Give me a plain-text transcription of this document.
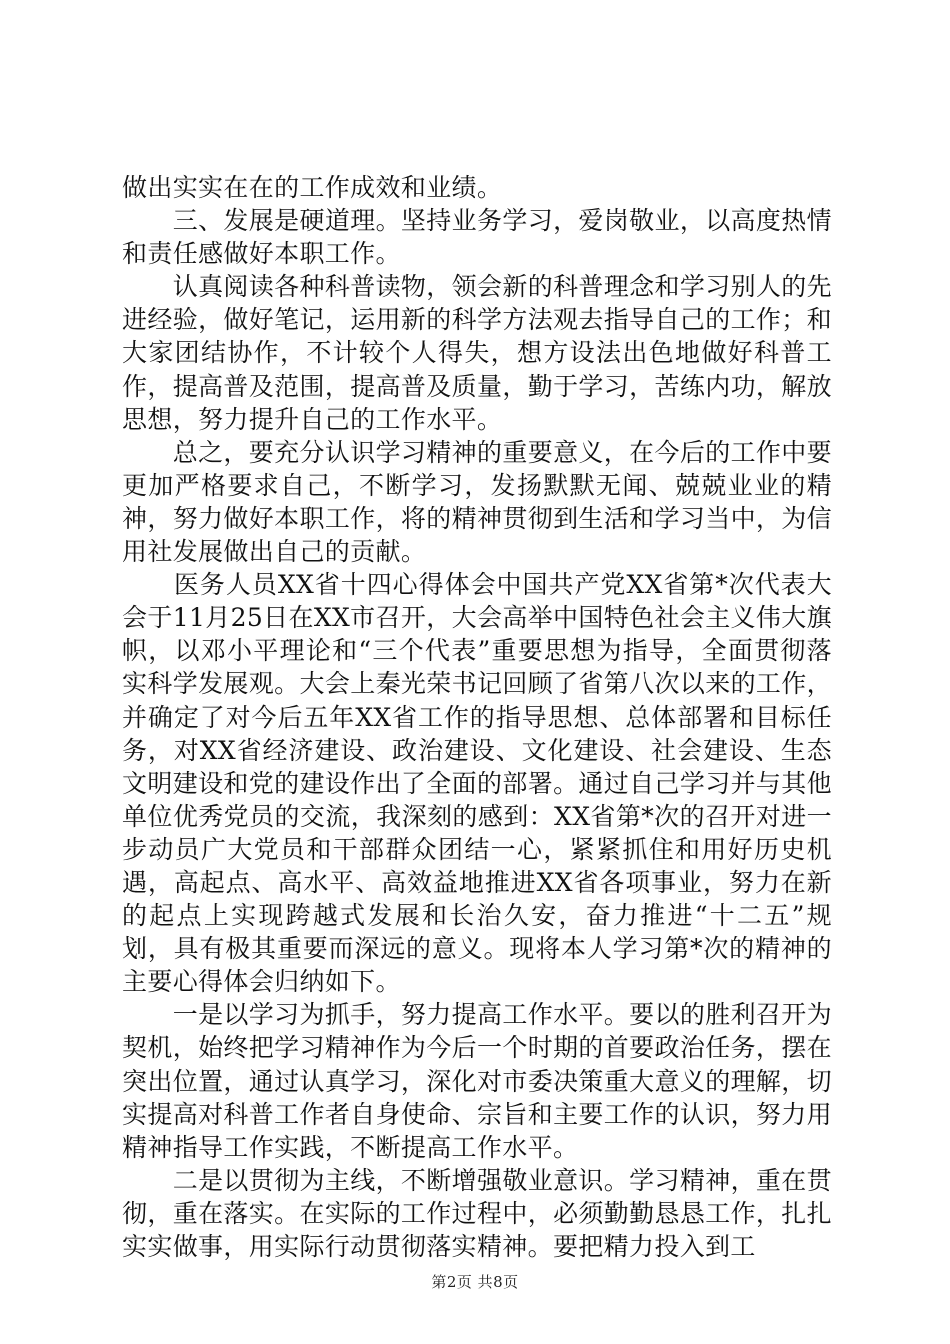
做出实实在在的工作成效和业绩。

　　三、发展是硬道理。坚持业务学习，爱岗敬业，以高度热情和责任感做好本职工作。

　　认真阅读各种科普读物，领会新的科普理念和学习别人的先进经验，做好笔记，运用新的科学方法观去指导自己的工作；和大家团结协作，不计较个人得失，想方设法出色地做好科普工作，提高普及范围，提高普及质量，勤于学习，苦练内功，解放思想，努力提升自己的工作水平。

　　总之，要充分认识学习精神的重要意义，在今后的工作中要更加严格要求自己，不断学习，发扬默默无闻、兢兢业业的精神，努力做好本职工作，将的精神贯彻到生活和学习当中，为信用社发展做出自己的贡献。

　　医务人员XX省十四心得体会中国共产党XX省第*次代表大会于11月25日在XX市召开，大会高举中国特色社会主义伟大旗帜，以邓小平理论和“三个代表”重要思想为指导，全面贯彻落实科学发展观。大会上秦光荣书记回顾了省第八次以来的工作，并确定了对今后五年XX省工作的指导思想、总体部署和目标任务，对XX省经济建设、政治建设、文化建设、社会建设、生态文明建设和党的建设作出了全面的部署。通过自己学习并与其他单位优秀党员的交流，我深刻的感到：XX省第*次的召开对进一步动员广大党员和干部群众团结一心，紧紧抓住和用好历史机遇，高起点、高水平、高效益地推进XX省各项事业，努力在新的起点上实现跨越式发展和长治久安，奋力推进“十二五”规划，具有极其重要而深远的意义。现将本人学习第*次的精神的主要心得体会归纳如下。

　　一是以学习为抓手，努力提高工作水平。要以的胜利召开为契机，始终把学习精神作为今后一个时期的首要政治任务，摆在突出位置，通过认真学习，深化对市委决策重大意义的理解，切实提高对科普工作者自身使命、宗旨和主要工作的认识，努力用精神指导工作实践，不断提高工作水平。

　　二是以贯彻为主线，不断增强敬业意识。学习精神，重在贯彻，重在落实。在实际的工作过程中，必须勤勤恳恳工作，扎扎实实做事，用实际行动贯彻落实精神。要把精力投入到工

第2页 共8页
